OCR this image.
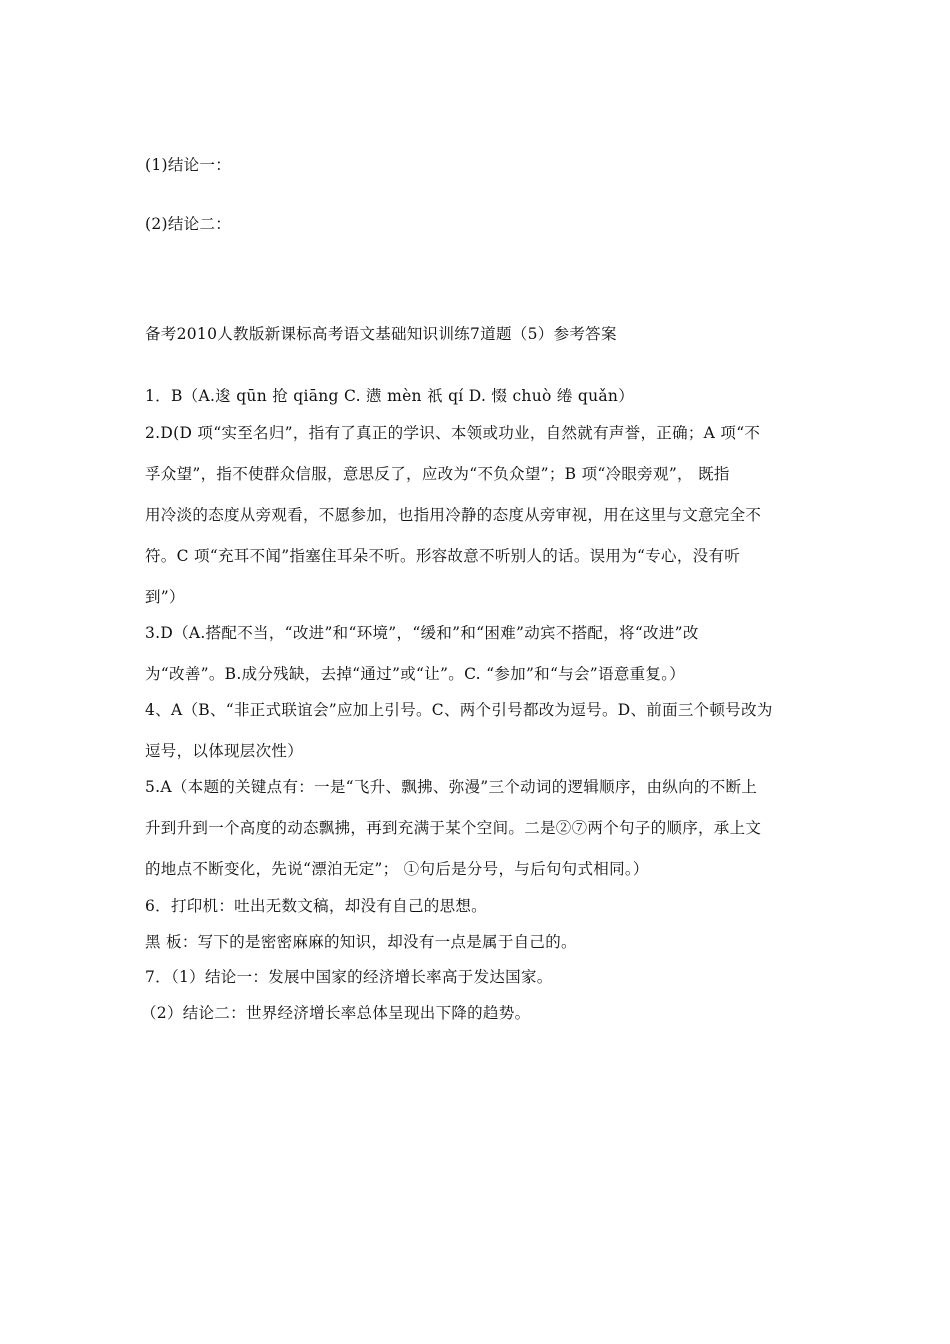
(1)结论一：
(2)结论二：
备考2010人教版新课标高考语文基础知识训练7道题（5）参考答案
1．B（A.逡 qūn 抢 qiāng C. 懑 mèn 祇 qí D. 惙 chuò 绻 quǎn）
2.D(D 项“实至名归”，指有了真正的学识、本领或功业，自然就有声誉，正确；A 项“不
孚众望”，指不使群众信服，意思反了，应改为“不负众望”；B 项“冷眼旁观”， 既指
用冷淡的态度从旁观看，不愿参加，也指用冷静的态度从旁审视，用在这里与文意完全不
符。C 项“充耳不闻”指塞住耳朵不听。形容故意不听别人的话。误用为“专心，没有听
到”）
3.D（A.搭配不当，“改进”和“环境”，“缓和”和“困难”动宾不搭配，将“改进”改
为“改善”。B.成分残缺，去掉“通过”或“让”。C. “参加”和“与会”语意重复。）
4、A（B、“非正式联谊会”应加上引号。C、两个引号都改为逗号。D、前面三个顿号改为
逗号，以体现层次性）
5.A（本题的关键点有：一是“飞升、飘拂、弥漫”三个动词的逻辑顺序，由纵向的不断上
升到升到一个高度的动态飘拂，再到充满于某个空间。二是②⑦两个句子的顺序，承上文
的地点不断变化，先说“漂泊无定”； ①句后是分号，与后句句式相同。）
6．打印机：吐出无数文稿，却没有自己的思想。
黑 板：写下的是密密麻麻的知识，却没有一点是属于自己的。
7．（1）结论一：发展中国家的经济增长率高于发达国家。
（2）结论二：世界经济增长率总体呈现出下降的趋势。
